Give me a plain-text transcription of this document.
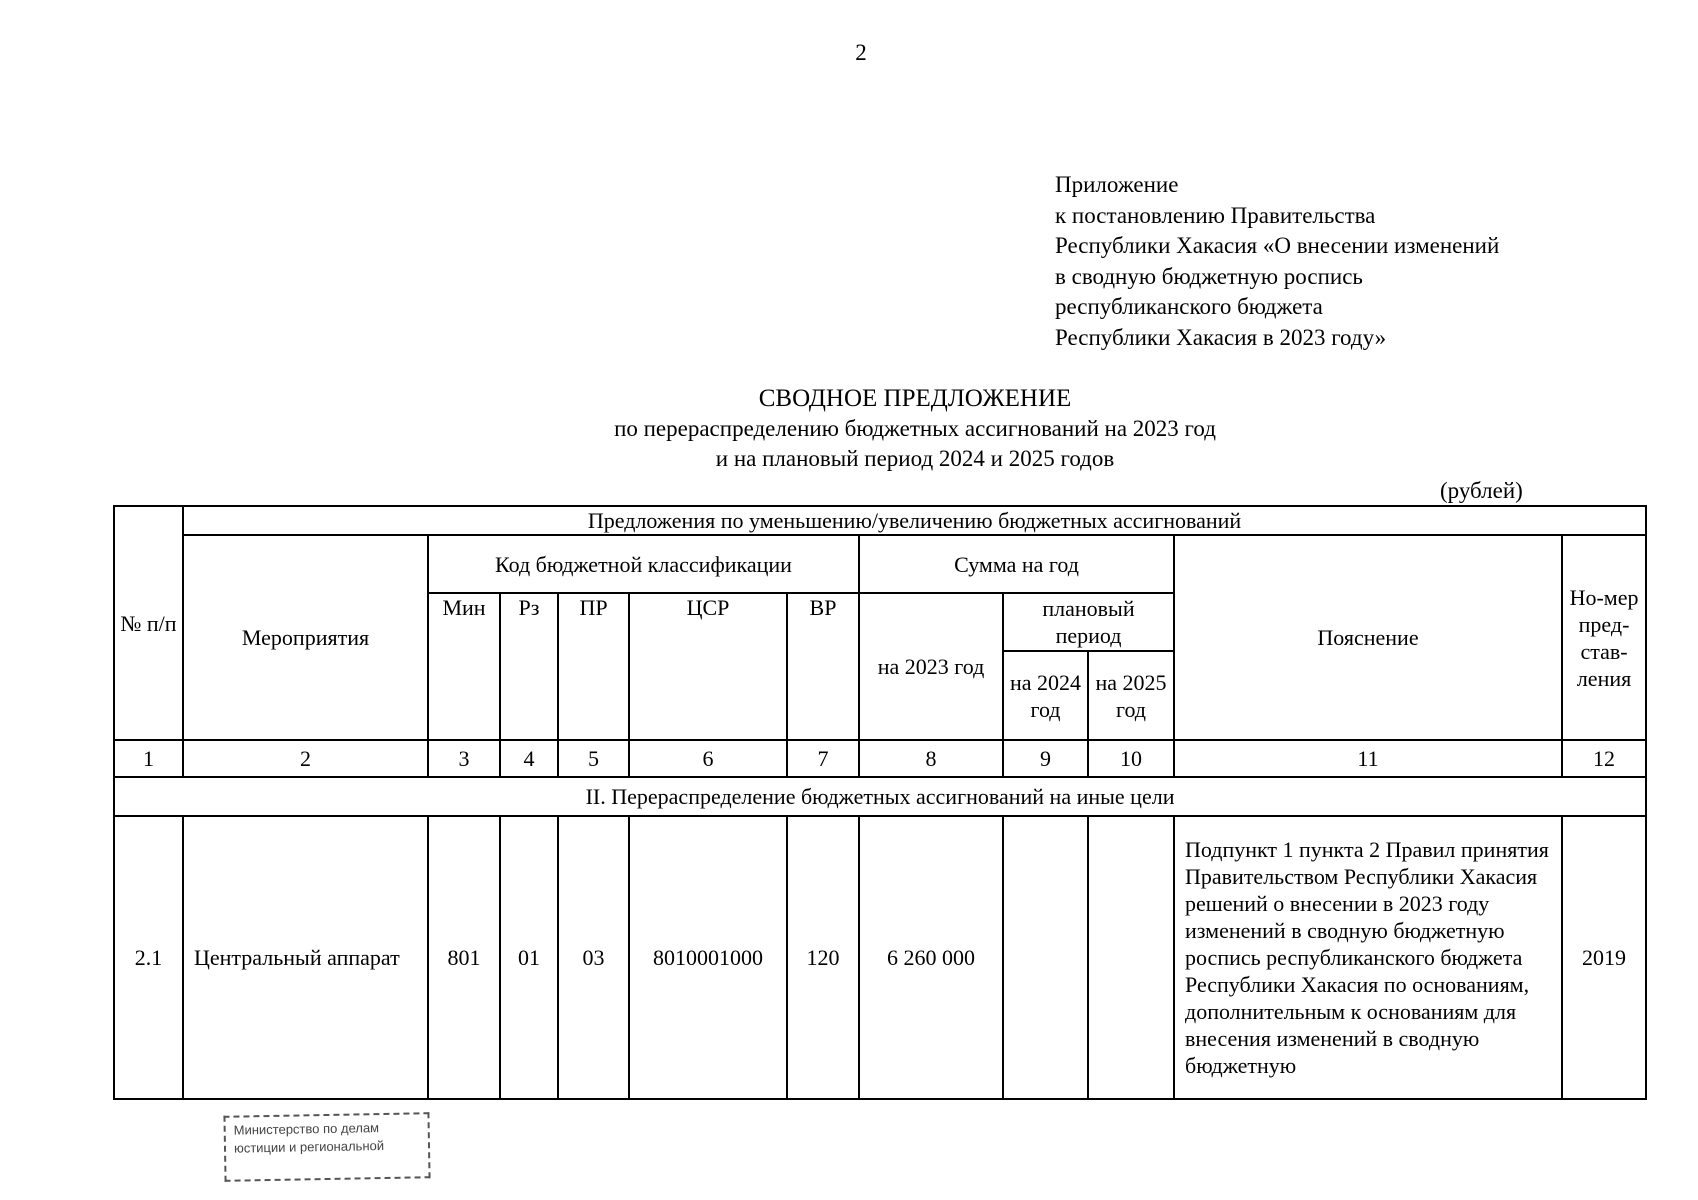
2
Приложение
к постановлению Правительства
Республики Хакасия «О внесении изменений
в сводную бюджетную роспись
республиканского бюджета
Республики Хакасия в 2023 году»
СВОДНОЕ ПРЕДЛОЖЕНИЕ
по перераспределению бюджетных ассигнований на 2023 год
и на плановый период 2024 и 2025 годов
(рублей)
№ п/п	Предложения по уменьшению/увеличению бюджетных ассигнований										
	Мероприятия	Код бюджетной классификации					Сумма на год			Пояснение	Но-мер пред-став-ления
		Мин	Рз	ПР	ЦСР	ВР	на 2023 год	плановый период			
								на 2024 год	на 2025 год		
1	2	3	4	5	6	7	8	9	10	11	12
II. Перераспределение бюджетных ассигнований на иные цели											
2.1	Центральный аппарат	801	01	03	8010001000	120	6 260 000			Подпункт 1 пункта 2 Правил принятия Правительством Республики Хакасия решений о внесении в 2023 году изменений в сводную бюджетную роспись республиканского бюджета Республики Хакасия по основаниям, дополнительным к основаниям для внесения изменений в сводную бюджетную	2019
Министерство по делам
юстиции и региональной
